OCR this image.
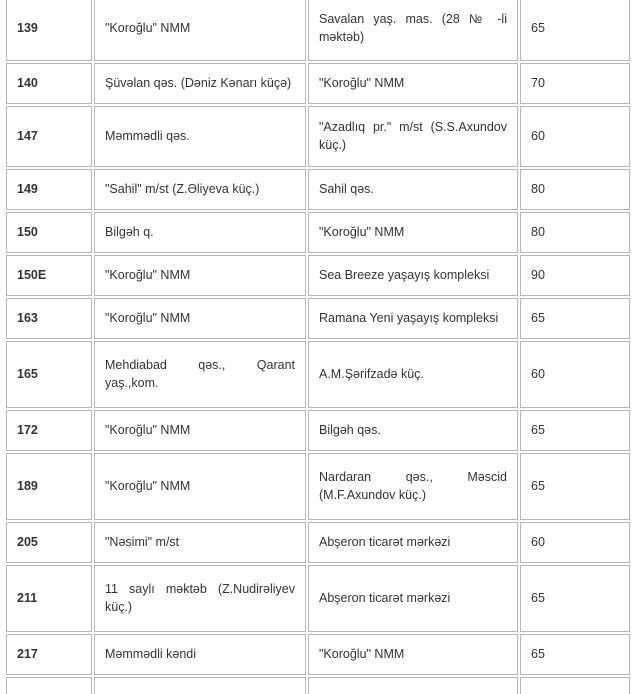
139	"Koroğlu" NMM	Savalan yaş. mas. (28 № -li məktəb)	65
140	Şüvəlan qəs. (Dəniz Kənarı küçə)	"Koroğlu" NMM	70
147	Məmmədli qəs.	"Azadlıq pr." m/st (S.S.Axundov küç.)	60
149	"Sahil" m/st (Z.Əliyeva küç.)	Sahil qəs.	80
150	Bilgəh q.	"Koroğlu" NMM	80
150E	"Koroğlu" NMM	Sea Breeze yaşayış kompleksi	90
163	"Koroğlu" NMM	Ramana Yeni yaşayış kompleksi	65
165	Mehdiabad qəs., Qarant yaş.,kom.	A.M.Şərifzadə küç.	60
172	"Koroğlu" NMM	Bilgəh qəs.	65
189	"Koroğlu" NMM	Nardaran qəs., Məscid (M.F.Axundov küç.)	65
205	"Nəsimi" m/st	Abşeron ticarət mərkəzi	60
211	11 saylı məktəb (Z.Nudirəliyev küç.)	Abşeron ticarət mərkəzi	65
217	Məmmədli kəndi	"Koroğlu" NMM	65
